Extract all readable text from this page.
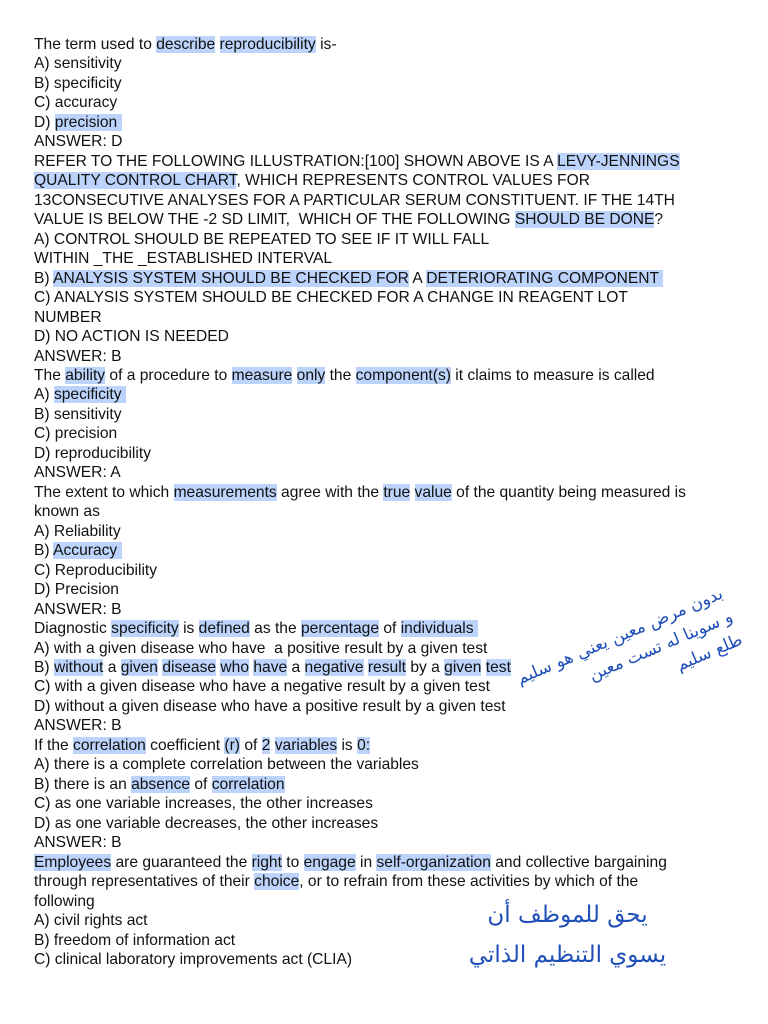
The term used to describe reproducibility is-
A) sensitivity
B) specificity
C) accuracy
D) precision
ANSWER: D
REFER TO THE FOLLOWING ILLUSTRATION:[100] SHOWN ABOVE IS A LEVY-JENNINGS
QUALITY CONTROL CHART, WHICH REPRESENTS CONTROL VALUES FOR
13CONSECUTIVE ANALYSES FOR A PARTICULAR SERUM CONSTITUENT. IF THE 14TH
VALUE IS BELOW THE -2 SD LIMIT,  WHICH OF THE FOLLOWING SHOULD BE DONE?
A) CONTROL SHOULD BE REPEATED TO SEE IF IT WILL FALL
WITHIN _THE _ESTABLISHED INTERVAL
B) ANALYSIS SYSTEM SHOULD BE CHECKED FOR A DETERIORATING COMPONENT
C) ANALYSIS SYSTEM SHOULD BE CHECKED FOR A CHANGE IN REAGENT LOT
NUMBER
D) NO ACTION IS NEEDED
ANSWER: B
The ability of a procedure to measure only the component(s) it claims to measure is called
A) specificity
B) sensitivity
C) precision
D) reproducibility
ANSWER: A
The extent to which measurements agree with the true value of the quantity being measured is
known as
A) Reliability
B) Accuracy
C) Reproducibility
D) Precision
ANSWER: B
Diagnostic specificity is defined as the percentage of individuals
A) with a given disease who have  a positive result by a given test
B) without a given disease who have a negative result by a given test
C) with a given disease who have a negative result by a given test
D) without a given disease who have a positive result by a given test
ANSWER: B
If the correlation coefficient (r) of 2 variables is 0:
A) there is a complete correlation between the variables
B) there is an absence of correlation
C) as one variable increases, the other increases
D) as one variable decreases, the other increases
ANSWER: B
Employees are guaranteed the right to engage in self-organization and collective bargaining
through representatives of their choice, or to refrain from these activities by which of the
following
A) civil rights act
B) freedom of information act
C) clinical laboratory improvements act (CLIA)
بدون مرض معين يعني هو سليم
و سوينا له تست معين
طلع سليم
يحق للموظف أن
يسوي التنظيم الذاتي
